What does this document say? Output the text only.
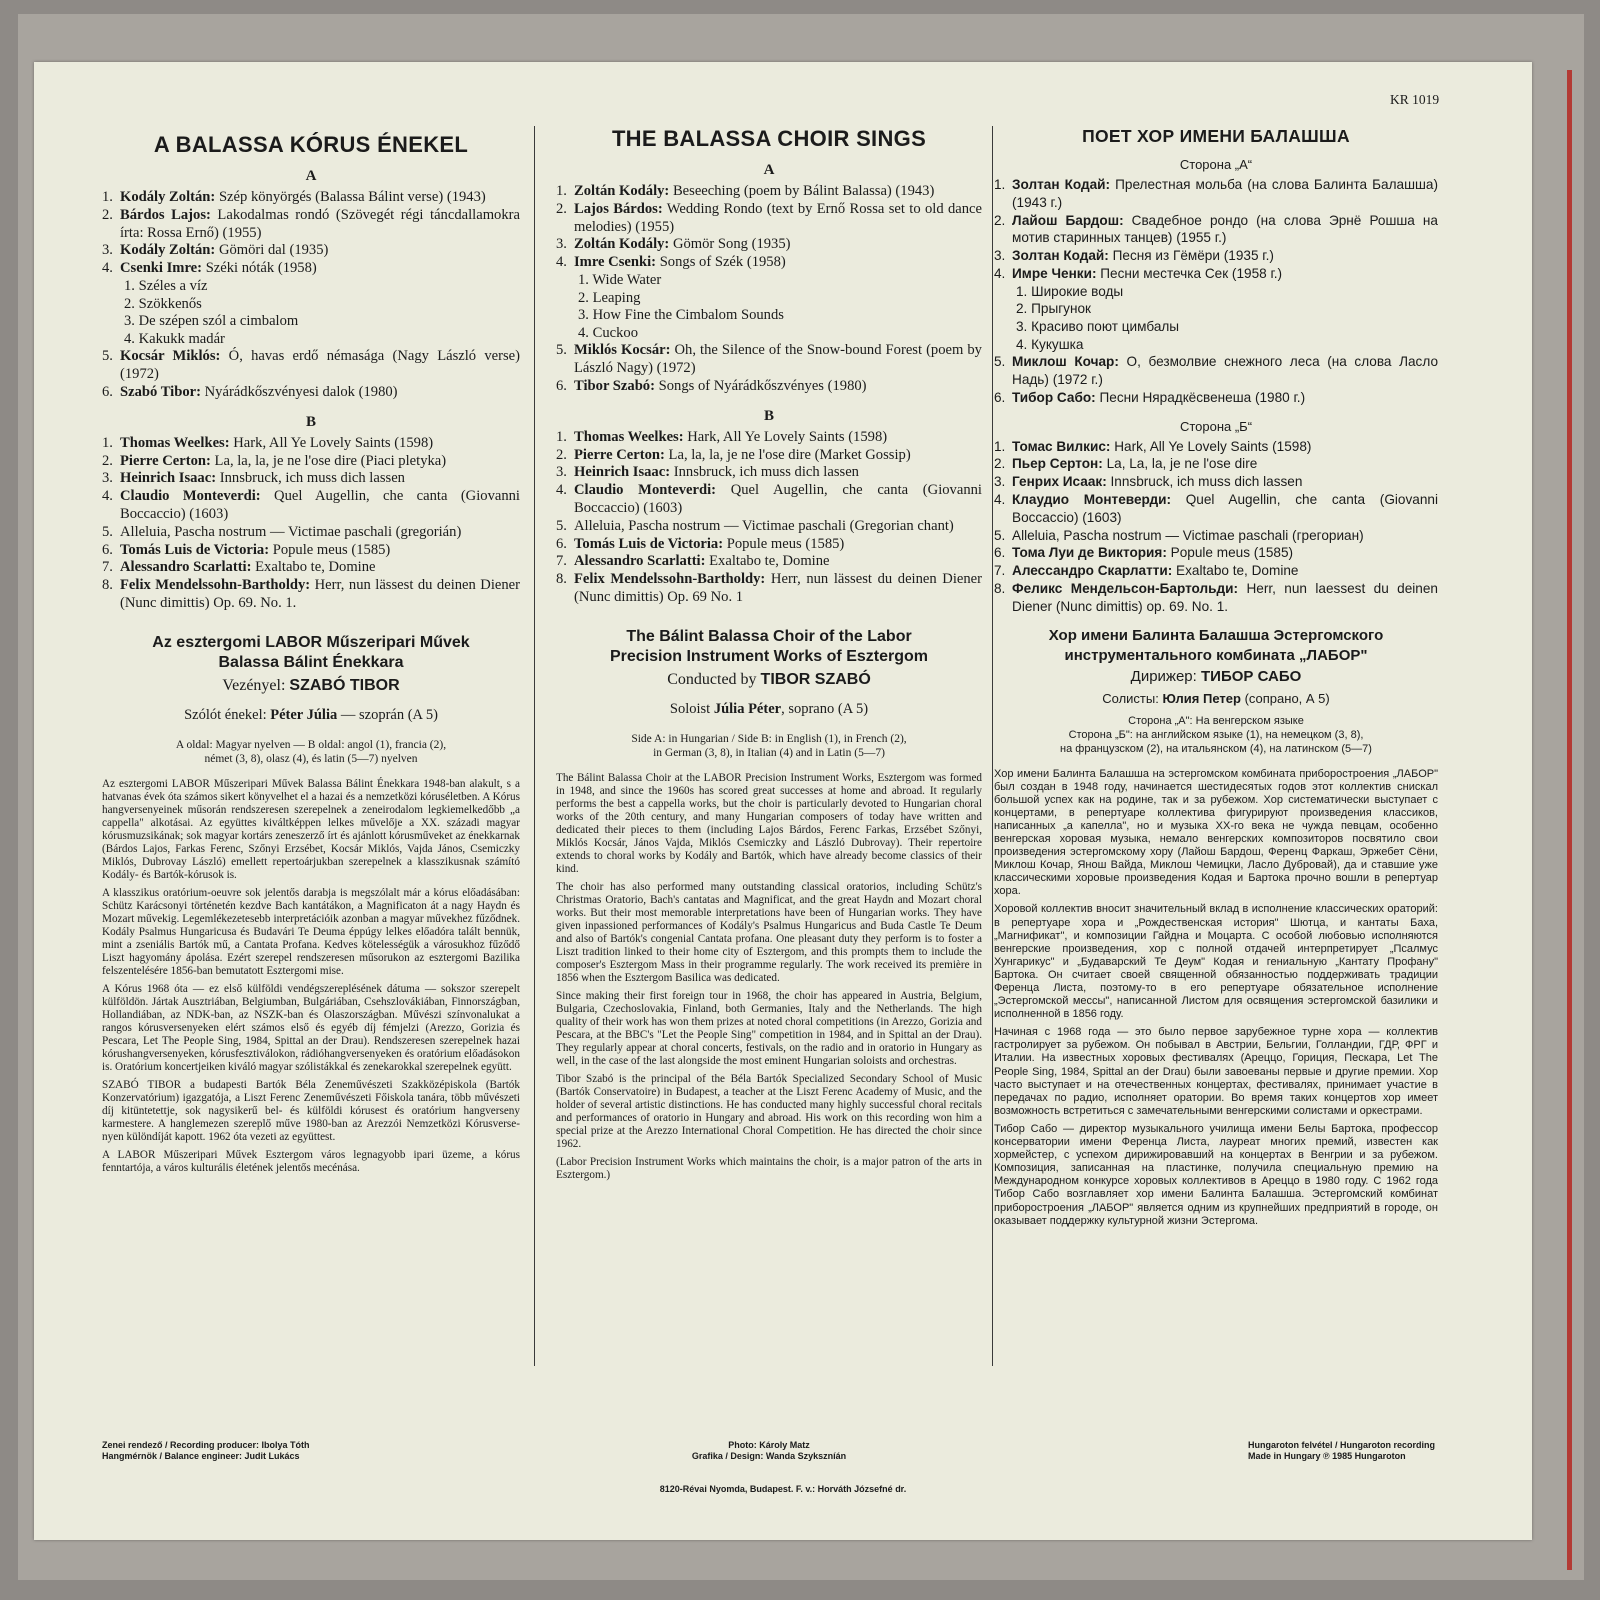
KR 1019
A BALASSA KÓRUS ÉNEKEL
A
1. Kodály Zoltán: Szép könyörgés (Balassa Bálint verse) (1943)
2. Bárdos Lajos: Lakodalmas rondó (Szövegét régi táncdallamokra írta: Rossa Ernő) (1955)
3. Kodály Zoltán: Gömöri dal (1935)
4. Csenki Imre: Széki nóták (1958)
1. Széles a víz
2. Szökkenős
3. De szépen szól a cimbalom
4. Kakukk madár
5. Kocsár Miklós: Ó, havas erdő némasága (Nagy László verse) (1972)
6. Szabó Tibor: Nyárádkőszvényesi dalok (1980)
B
1. Thomas Weelkes: Hark, All Ye Lovely Saints (1598)
2. Pierre Certon: La, la, la, je ne l'ose dire (Piaci pletyka)
3. Heinrich Isaac: Innsbruck, ich muss dich lassen
4. Claudio Monteverdi: Quel Augellin, che canta (Giovanni Boccaccio) (1603)
5. Alleluia, Pascha nostrum — Victimae paschali (gregorián)
6. Tomás Luis de Victoria: Popule meus (1585)
7. Alessandro Scarlatti: Exaltabo te, Domine
8. Felix Mendelssohn-Bartholdy: Herr, nun lässest du deinen Diener (Nunc dimittis) Op. 69. No. 1.
Az esztergomi LABOR Műszeripari Művek
Balassa Bálint Énekkara
Vezényel: SZABÓ TIBOR
Szólót énekel: Péter Júlia — szoprán (A 5)
A oldal: Magyar nyelven — B oldal: angol (1), francia (2),
német (3, 8), olasz (4), és latin (5—7) nyelven

Az esztergomi LABOR Műszeripari Művek Balassa Bálint Énekkara 1948-ban alakult, s a hatvanas évek óta számos sikert könyvelhet el a hazai és a nemzetközi kóruséletben. A Kórus hangversenyeinek műsorán rendszeresen szerepelnek a zeneirodalom legkiemelkedőbb „a cappella" alkotásai. Az együttes kiváltképpen lelkes művelője a XX. századi magyar kórusmuzsikának; sok magyar kortárs zeneszerző írt és ajánlott kórusműveket az énekkarnak (Bárdos Lajos, Farkas Ferenc, Szőnyi Erzsébet, Kocsár Miklós, Vajda János, Csemiczky Miklós, Dubrovay László) emellett repertoárjukban szerepelnek a klasszikusnak számító Kodály- és Bartók-kórusok is.

A klasszikus oratórium-oeuvre sok jelentős darabja is megszólalt már a kórus előadásában: Schütz Karácsonyi történetén kezdve Bach kantátákon, a Magnificaton át a nagy Haydn és Mozart művekig. Legemlékezetesebb interpretációik azonban a magyar művekhez fűződnek. Kodály Psalmus Hungaricusa és Budavári Te Deuma éppúgy lelkes előadóra talált bennük, mint a zseniális Bartók mű, a Cantata Profana. Kedves kötelességük a városukhoz fűződő Liszt hagyomány ápolása. Ezért szerepel rendszeresen műsorukon az esztergomi Bazilika felszentelésére 1856-ban bemutatott Esztergomi mise.

A Kórus 1968 óta — ez első külföldi vendégszereplésének dátuma — sokszor szerepelt külföldön. Jártak Ausztriában, Belgiumban, Bulgáriában, Csehszlovákiában, Finnországban, Hollandiában, az NDK-ban, az NSZK-ban és Olaszországban. Művészi színvonalukat a rangos kórusversenyeken elért számos első és egyéb díj fémjelzi (Arezzo, Gorizia és Pescara, Let The People Sing, 1984, Spittal an der Drau). Rendszeresen szerepelnek hazai kórushangversenyeken, kórusfesztiválokon, rádióhangversenyeken és oratórium előadásokon is. Oratórium koncertjeiken kiváló magyar szólistákkal és zenekarokkal szerepelnek együtt.

SZABÓ TIBOR a budapesti Bartók Béla Zeneművészeti Szakközépiskola (Bartók Konzervatórium) igazgatója, a Liszt Ferenc Zeneművészeti Főiskola tanára, több művészeti díj kitüntetettje, sok nagysikerű bel- és külföldi kórusest és oratórium hangverseny karmestere. A hanglemezen szereplő műve 1980-ban az Arezzói Nemzetközi Kórusversenyen különdíját kapott. 1962 óta vezeti az együttest.

A LABOR Műszeripari Művek Esztergom város legnagyobb ipari üzeme, a kórus fenntartója, a város kulturális életének jelentős mecénása.

THE BALASSA CHOIR SINGS
A
1. Zoltán Kodály: Beseeching (poem by Bálint Balassa) (1943)
2. Lajos Bárdos: Wedding Rondo (text by Ernő Rossa set to old dance melodies) (1955)
3. Zoltán Kodály: Gömör Song (1935)
4. Imre Csenki: Songs of Szék (1958)
1. Wide Water
2. Leaping
3. How Fine the Cimbalom Sounds
4. Cuckoo
5. Miklós Kocsár: Oh, the Silence of the Snow-bound Forest (poem by László Nagy) (1972)
6. Tibor Szabó: Songs of Nyárádkőszvényes (1980)
B
1. Thomas Weelkes: Hark, All Ye Lovely Saints (1598)
2. Pierre Certon: La, la, la, je ne l'ose dire (Market Gossip)
3. Heinrich Isaac: Innsbruck, ich muss dich lassen
4. Claudio Monteverdi: Quel Augellin, che canta (Giovanni Boccaccio) (1603)
5. Alleluia, Pascha nostrum — Victimae paschali (Gregorian chant)
6. Tomás Luis de Victoria: Popule meus (1585)
7. Alessandro Scarlatti: Exaltabo te, Domine
8. Felix Mendelssohn-Bartholdy: Herr, nun lässest du deinen Diener (Nunc dimittis) Op. 69 No. 1
The Bálint Balassa Choir of the Labor
Precision Instrument Works of Esztergom
Conducted by TIBOR SZABÓ
Soloist Júlia Péter, soprano (A 5)
Side A: in Hungarian / Side B: in English (1), in French (2),
in German (3, 8), in Italian (4) and in Latin (5—7)

The Bálint Balassa Choir at the LABOR Precision Instrument Works, Esztergom was formed in 1948, and since the 1960s has scored great successes at home and abroad. It regularly performs the best a cappella works, but the choir is particularly devoted to Hungarian choral works of the 20th century, and many Hungarian composers of today have written and dedicated their pieces to them (including Lajos Bárdos, Ferenc Farkas, Erzsébet Szőnyi, Miklós Kocsár, János Vajda, Miklós Csemiczky and László Dubrovay). Their repertoire extends to choral works by Kodály and Bartók, which have already become classics of their kind.

The choir has also performed many outstanding classical oratorios, including Schütz's Christmas Oratorio, Bach's cantatas and Magnificat, and the great Haydn and Mozart choral works. But their most memorable interpretations have been of Hungarian works. They have given inpassioned performances of Kodály's Psalmus Hungaricus and Buda Castle Te Deum and also of Bartók's congenial Cantata profana. One pleasant duty they perform is to foster a Liszt tradition linked to their home city of Esztergom, and this prompts them to include the composer's Esztergom Mass in their programme regularly. The work received its première in 1856 when the Esztergom Basilica was dedicated.

Since making their first foreign tour in 1968, the choir has appeared in Austria, Belgium, Bulgaria, Czechoslovakia, Finland, both Germanies, Italy and the Netherlands. The high quality of their work has won them prizes at noted choral competitions (in Arezzo, Gorizia and Pescara, at the BBC's "Let the People Sing" competition in 1984, and in Spittal an der Drau). They regularly appear at choral concerts, festivals, on the radio and in oratorio in Hungary as well, in the case of the last alongside the most eminent Hungarian soloists and orchestras.

Tibor Szabó is the principal of the Béla Bartók Specialized Secondary School of Music (Bartók Conservatoire) in Budapest, a teacher at the Liszt Ferenc Academy of Music, and the holder of several artistic distinctions. He has conducted many highly successful choral recitals and performances of oratorio in Hungary and abroad. His work on this recording won him a special prize at the Arezzo International Choral Competition. He has directed the choir since 1962.

(Labor Precision Instrument Works which maintains the choir, is a major patron of the arts in Esztergom.)

ПОЕТ ХОР ИМЕНИ БАЛАШША
Сторона „А“
1. Золтан Кодай: Прелестная мольба (на слова Балинта Балашша) (1943 г.)
2. Лайош Бардош: Свадебное рондо (на слова Эрнё Рошша на мотив старинных танцев) (1955 г.)
3. Золтан Кодай: Песня из Гёмëри (1935 г.)
4. Имре Ченки: Песни местечка Сек (1958 г.)
1. Широкие воды
2. Прыгунок
3. Красиво поют цимбалы
4. Кукушка
5. Миклош Кочар: О, безмолвие снежного леса (на слова Ласло Надь) (1972 г.)
6. Тибор Сабо: Песни Нярадкёсвенеша (1980 г.)
Сторона „Б“
1. Томас Вилкис: Hark, All Ye Lovely Saints (1598)
2. Пьер Сертон: La, La, la, je ne l'ose dire
3. Генрих Исаак: Innsbruck, ich muss dich lassen
4. Клаудио Монтеверди: Quel Augellin, che canta (Giovanni Boccaccio) (1603)
5. Alleluia, Pascha nostrum — Victimae paschali (грегориан)
6. Тома Луи де Виктория: Popule meus (1585)
7. Алессандро Скарлатти: Exaltabo te, Domine
8. Феликс Мендельсон-Бартольди: Herr, nun laessest du deinen Diener (Nunc dimittis) op. 69. No. 1.
Хор имени Балинта Балашша Эстергомского
инструментального комбината „ЛАБОР"
Дирижер: ТИБОР САБО
Солисты: Юлия Петер (сопрано, А 5)
Сторона „А": На венгерском языке
Сторона „Б": на английском языке (1), на немецком (3, 8),
на французском (2), на итальянском (4), на латинском (5—7)

Хор имени Балинта Балашша на эстергомском комбината приборостроения „ЛАБОР" был создан в 1948 году, начинается шестидесятых годов этот коллектив снискал большой успех как на родине, так и за рубежом. Хор систематически выступает с концертами, в репертуаре коллектива фигурируют произведения классиков, написанных „а капелла", но и музыка XX-го века не чужда певцам, особенно венгерская хоровая музыка, немало венгерских композиторов посвятило свои произведения эстергомскому хору (Лайош Бардош, Ференц Фаркаш, Эржебет Сёни, Миклош Кочар, Янош Вайда, Миклош Чемицки, Ласло Дубровай), да и ставшие уже классическими хоровые произведения Кодая и Бартока прочно вошли в репертуар хора.

Хоровой коллектив вносит значительный вклад в исполнение классических ораторий: в репертуаре хора и „Рождественская история" Шютца, и кантаты Баха, „Магнификат", и композиции Гайдна и Моцарта. С особой любовью исполняются венгерские произведения, хор с полной отдачей интерпретирует „Псалмус Хунгарикус" и „Будаварский Те Деум" Кодая и гениальную „Кантату Профану" Бартока. Он считает своей священной обязанностью поддерживать традиции Ференца Листа, поэтому-то в его репертуаре обязательное исполнение „Эстергомской мессы", написанной Листом для освящения эстергомской базилики и исполненной в 1856 году.

Начиная с 1968 года — это было первое зарубежное турне хора — коллектив гастролирует за рубежом. Он побывал в Австрии, Бельгии, Голландии, ГДР, ФРГ и Италии. На известных хоровых фестивалях (Ареццо, Гориция, Пескара, Let The People Sing, 1984, Spittal an der Drau) были завоеваны первые и другие премии. Хор часто выступает и на отечественных концертах, фестивалях, принимает участие в передачах по радио, исполняет оратории. Во время таких концертов хор имеет возможность встретиться с замечательными венгерскими солистами и оркестрами.

Тибор Сабо — директор музыкального училища имени Белы Бартока, профессор консерватории имени Ференца Листа, лауреат многих премий, известен как хормейстер, с успехом дирижировавший на концертах в Венгрии и за рубежом. Композиция, записанная на пластинке, получила специальную премию на Международном конкурсе хоровых коллективов в Ареццо в 1980 году. С 1962 года Тибор Сабо возглавляет хор имени Балинта Балашша. Эстергомский комбинат приборостроения „ЛАБОР" является одним из крупнейших предприятий в городе, он оказывает поддержку культурной жизни Эстергома.

Zenei rendező / Recording producer: Ibolya Tóth
Hangmérnök / Balance engineer: Judit Lukács
Photo: Károly Matz
Grafika / Design: Wanda Szykszníán
Hungaroton felvétel / Hungaroton recording
Made in Hungary ℗ 1985 Hungaroton
8120-Révai Nyomda, Budapest. F. v.: Horváth Józsefné dr.
